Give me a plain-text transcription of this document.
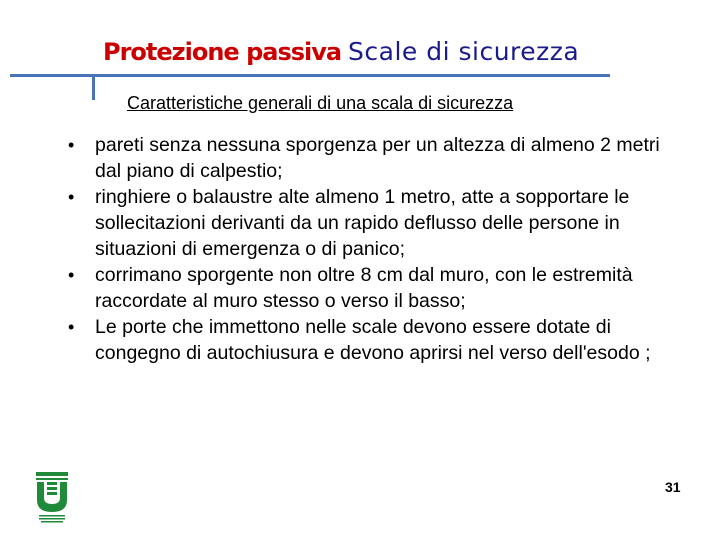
Protezione passiva Scale di sicurezza
Caratteristiche generali di una scala di sicurezza
• pareti senza nessuna sporgenza per un altezza di almeno 2 metri dal piano di calpestio;
• ringhiere o balaustre alte almeno 1 metro, atte a sopportare le sollecitazioni derivanti da un rapido deflusso delle persone in situazioni di emergenza o di panico;
• corrimano sporgente non oltre 8 cm dal muro, con le estremità raccordate al muro stesso o verso il basso;
• Le porte che immettono nelle scale devono essere dotate di congegno di autochiusura e devono aprirsi nel verso dell'esodo ;
31
